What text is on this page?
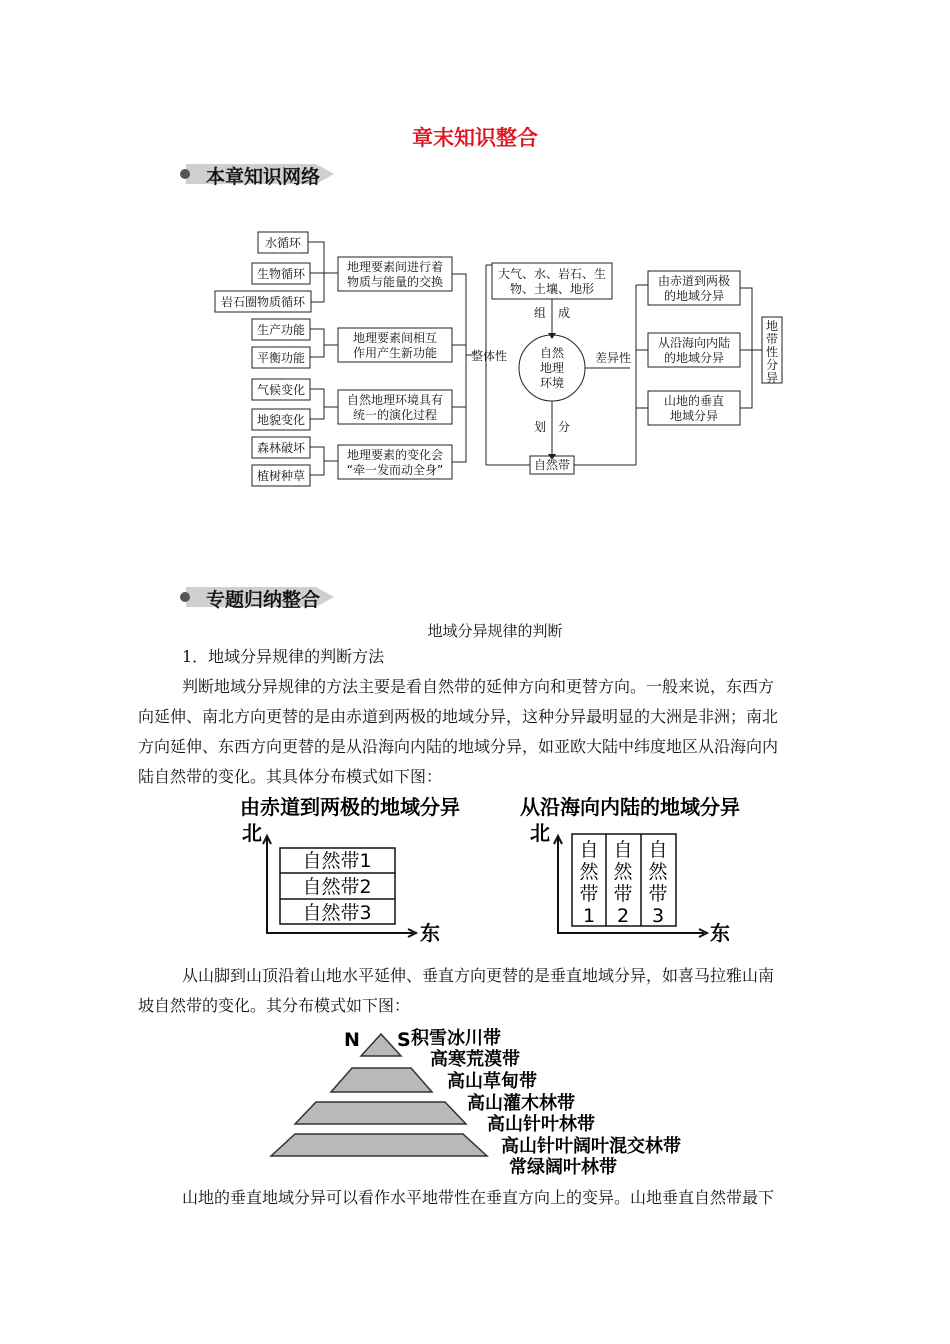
章末知识整合
本章知识网络
水循环
生物循环
岩石圈物质循环
生产功能
平衡功能
气候变化
地貌变化
森林破坏
植树种草
地理要素间进行着
物质与能量的交换
地理要素间相互
作用产生新功能
自然地理环境具有
统一的演化过程
地理要素的变化会
“牵一发而动全身”
整体性
大气、水、岩石、生
物、土壤、地形
组　成
自然
地理
环境
划　分
自然带
差异性
由赤道到两极
的地域分异
从沿海向内陆
的地域分异
山地的垂直
地域分异
地
带
性
分
异
专题归纳整合
地域分异规律的判断
1．地域分异规律的判断方法
判断地域分异规律的方法主要是看自然带的延伸方向和更替方向。一般来说，东西方
向延伸、南北方向更替的是由赤道到两极的地域分异，这种分异最明显的大洲是非洲；南北
方向延伸、东西方向更替的是从沿海向内陆的地域分异，如亚欧大陆中纬度地区从沿海向内
陆自然带的变化。其具体分布模式如下图：
由赤道到两极的地域分异
北
东
自然带1
自然带2
自然带3
从沿海向内陆的地域分异
北
东
自
然
带
1
自
然
带
2
自
然
带
3
从山脚到山顶沿着山地水平延伸、垂直方向更替的是垂直地域分异，如喜马拉雅山南
坡自然带的变化。其分布模式如下图：
N S 积雪冰川带
高寒荒漠带
高山草甸带
高山灌木林带
高山针叶林带
高山针叶阔叶混交林带
常绿阔叶林带
山地的垂直地域分异可以看作水平地带性在垂直方向上的变异。山地垂直自然带最下
